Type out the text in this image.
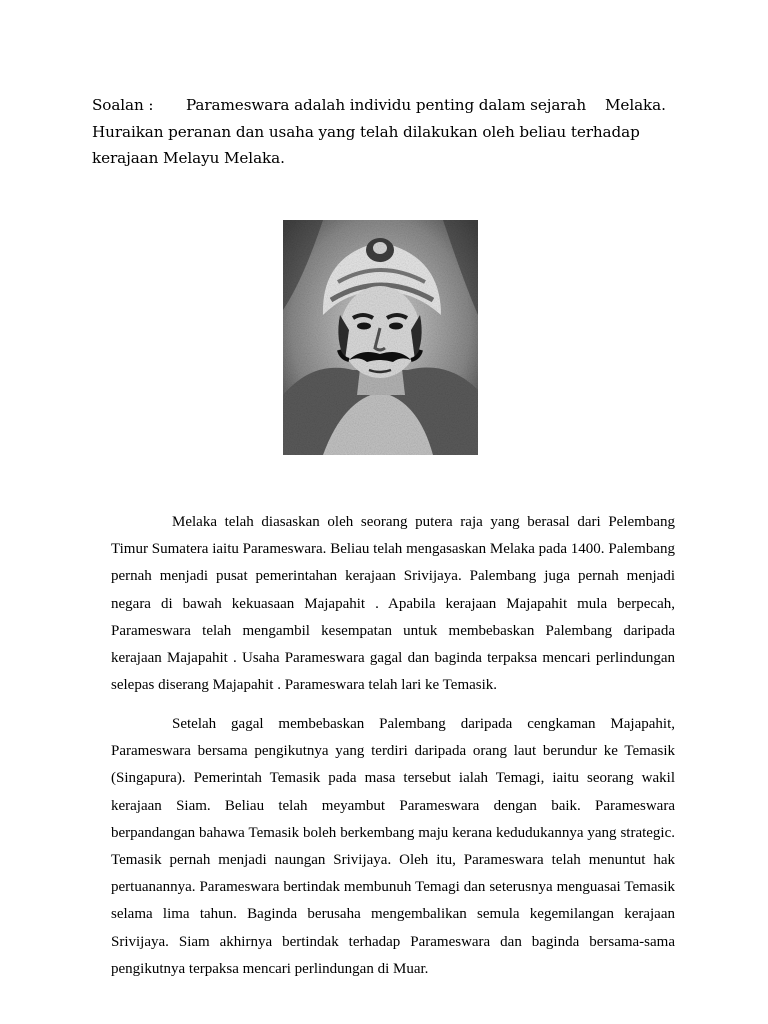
Soalan : Parameswara adalah individu penting dalam sejarah    Melaka. Huraikan peranan dan usaha yang telah dilakukan oleh beliau terhadap kerajaan Melayu Melaka.

Melaka telah diasaskan oleh seorang putera raja yang berasal dari Pelembang Timur Sumatera iaitu Parameswara. Beliau telah mengasaskan Melaka pada 1400. Palembang pernah menjadi pusat pemerintahan kerajaan Srivijaya. Palembang juga pernah menjadi negara di bawah kekuasaan Majapahit . Apabila kerajaan Majapahit mula berpecah, Parameswara telah mengambil kesempatan untuk membebaskan Palembang daripada kerajaan Majapahit . Usaha Parameswara gagal dan baginda terpaksa mencari perlindungan selepas diserang Majapahit . Parameswara telah lari ke Temasik.

Setelah gagal membebaskan Palembang daripada cengkaman Majapahit, Parameswara bersama pengikutnya yang terdiri daripada orang laut berundur ke Temasik (Singapura). Pemerintah Temasik pada masa tersebut ialah Temagi, iaitu seorang wakil kerajaan Siam. Beliau telah meyambut Parameswara dengan baik. Parameswara berpandangan bahawa Temasik boleh berkembang maju kerana kedudukannya yang strategic. Temasik pernah menjadi naungan Srivijaya. Oleh itu, Parameswara telah menuntut hak pertuanannya. Parameswara bertindak membunuh Temagi dan seterusnya menguasai Temasik selama lima tahun. Baginda berusaha mengembalikan semula kegemilangan kerajaan Srivijaya. Siam akhirnya bertindak terhadap Parameswara dan baginda bersama-sama pengikutnya terpaksa mencari perlindungan di Muar.
